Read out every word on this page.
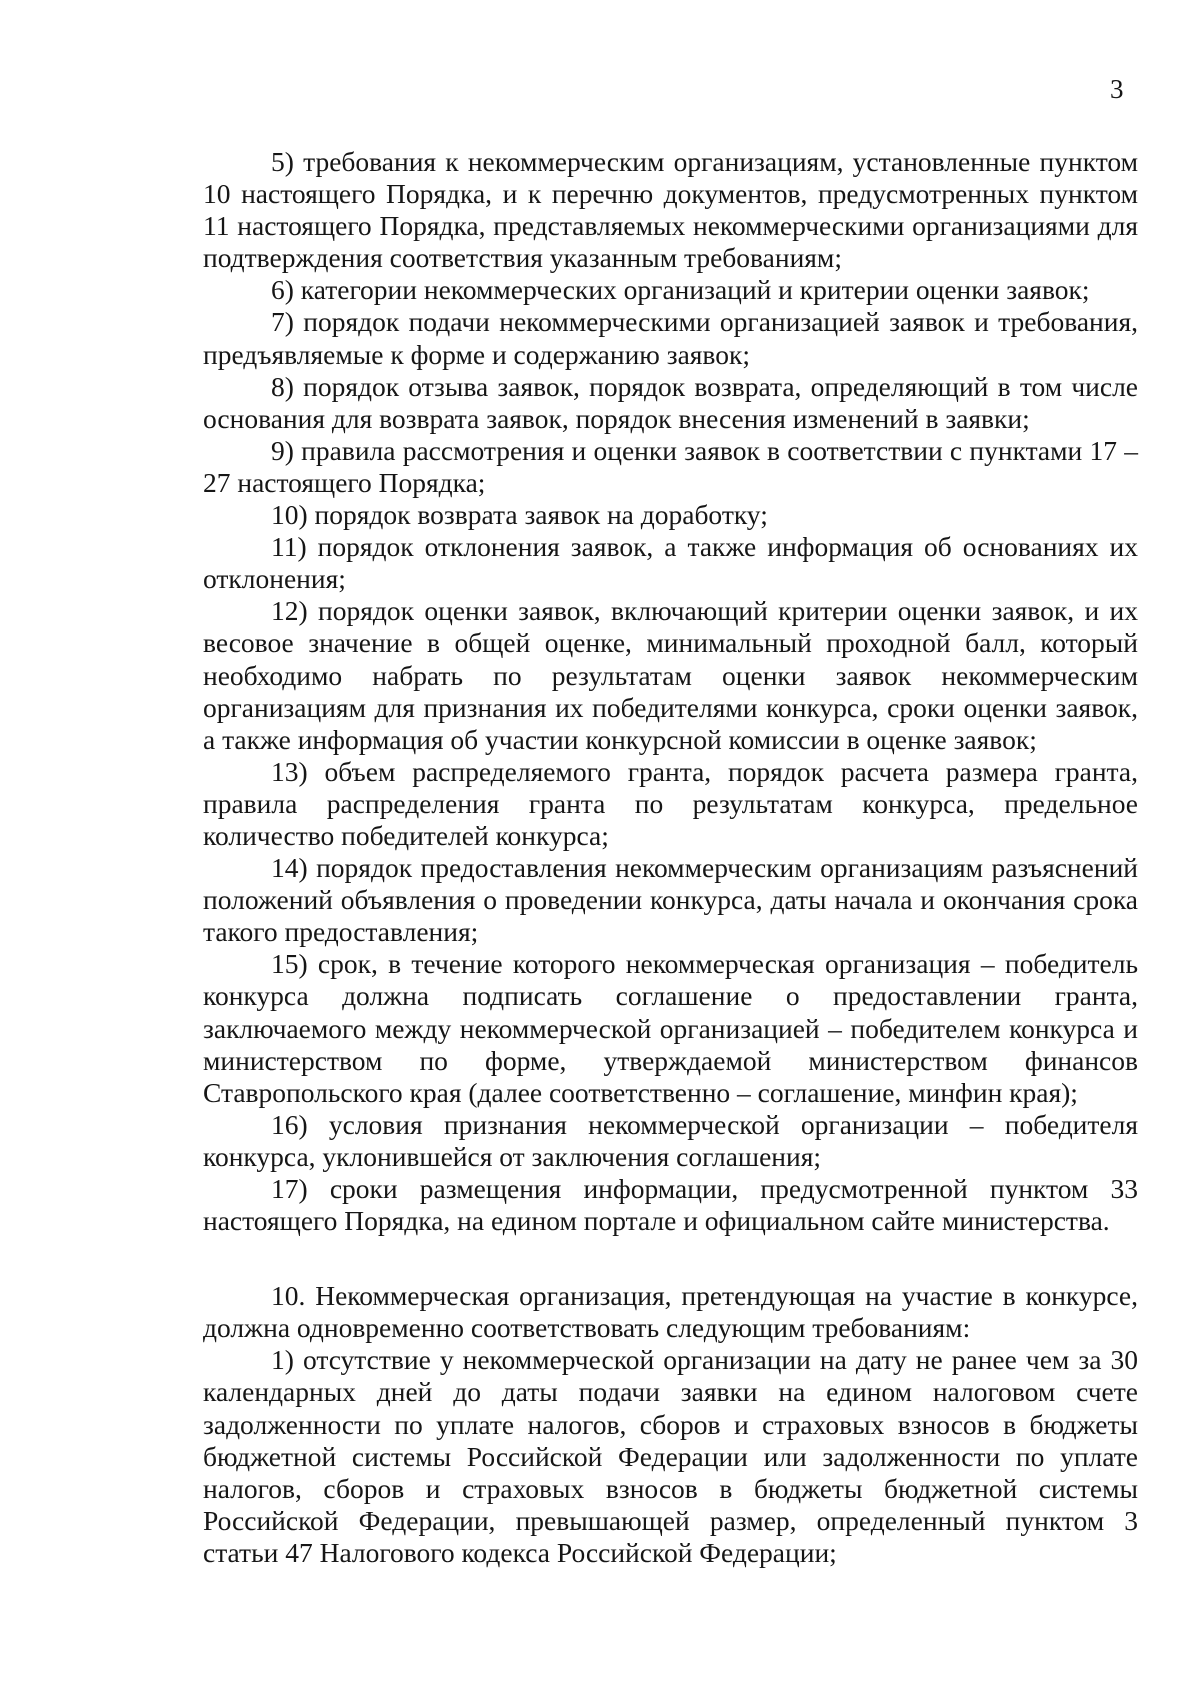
3

5) требования к некоммерческим организациям, установленные пунктом 10 настоящего Порядка, и к перечню документов, предусмотренных пунктом 11 настоящего Порядка, представляемых некоммерческими организациями для подтверждения соответствия указанным требованиям;

6) категории некоммерческих организаций и критерии оценки заявок;

7) порядок подачи некоммерческими организацией заявок и требования, предъявляемые к форме и содержанию заявок;

8) порядок отзыва заявок, порядок возврата, определяющий в том числе основания для возврата заявок, порядок внесения изменений в заявки;

9) правила рассмотрения и оценки заявок в соответствии с пунктами 17 – 27 настоящего Порядка;

10) порядок возврата заявок на доработку;

11) порядок отклонения заявок, а также информация об основаниях их отклонения;

12) порядок оценки заявок, включающий критерии оценки заявок, и их весовое значение в общей оценке, минимальный проходной балл, который необходимо набрать по результатам оценки заявок некоммерческим организациям для признания их победителями конкурса, сроки оценки заявок, а также информация об участии конкурсной комиссии в оценке заявок;

13) объем распределяемого гранта, порядок расчета размера гранта, правила распределения гранта по результатам конкурса, предельное количество победителей конкурса;

14) порядок предоставления некоммерческим организациям разъяснений положений объявления о проведении конкурса, даты начала и окончания срока такого предоставления;

15) срок, в течение которого некоммерческая организация – победитель конкурса должна подписать соглашение о предоставлении гранта, заключаемого между некоммерческой организацией – победителем конкурса и министерством по форме, утверждаемой министерством финансов Ставропольского края (далее соответственно – соглашение, минфин края);

16) условия признания некоммерческой организации – победителя конкурса, уклонившейся от заключения соглашения;

17) сроки размещения информации, предусмотренной пунктом 33 настоящего Порядка, на едином портале и официальном сайте министерства.

10. Некоммерческая организация, претендующая на участие в конкурсе, должна одновременно соответствовать следующим требованиям:

1) отсутствие у некоммерческой организации на дату не ранее чем за 30 календарных дней до даты подачи заявки на едином налоговом счете задолженности по уплате налогов, сборов и страховых взносов в бюджеты бюджетной системы Российской Федерации или задолженности по уплате налогов, сборов и страховых взносов в бюджеты бюджетной системы Российской Федерации, превышающей размер, определенный пунктом 3 статьи 47 Налогового кодекса Российской Федерации;
